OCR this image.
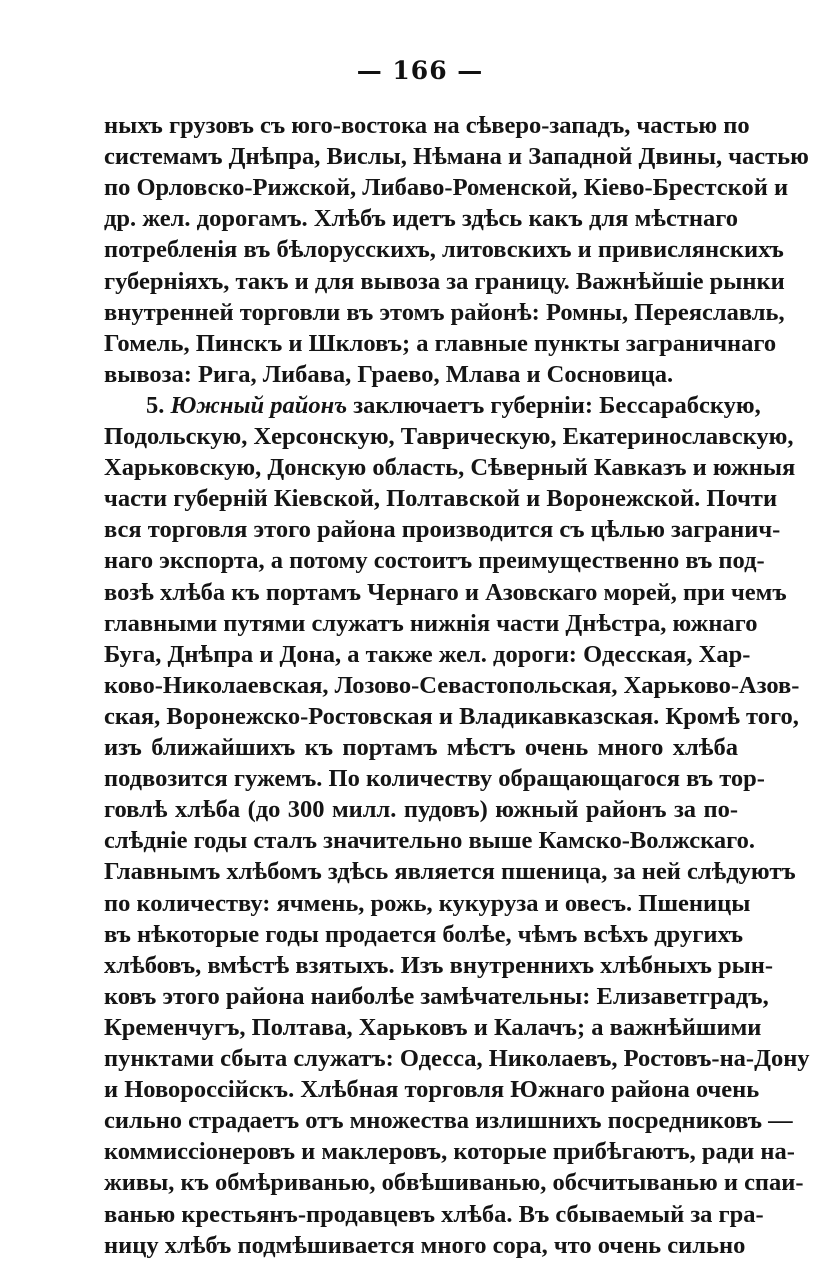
— 166 —
ныхъ грузовъ съ юго-востока на сѣверо-западъ, частью по
системамъ Днѣпра, Вислы, Нѣмана и Западной Двины, частью
по Орловско-Рижской, Либаво-Роменской, Кіево-Брестской и
др. жел. дорогамъ. Хлѣбъ идетъ здѣсь какъ для мѣстнаго
потребленія въ бѣлорусскихъ, литовскихъ и привислянскихъ
губерніяхъ, такъ и для вывоза за границу. Важнѣйшіе рынки
внутренней торговли въ этомъ районѣ: Ромны, Переяславль,
Гомель, Пинскъ и Шкловъ; а главные пункты заграничнаго
вывоза: Рига, Либава, Граево, Млава и Сосновица.
5. Южный районъ заключаетъ губерніи: Бессарабскую,
Подольскую, Херсонскую, Таврическую, Екатеринославскую,
Харьковскую, Донскую область, Сѣверный Кавказъ и южныя
части губерній Кіевской, Полтавской и Воронежской. Почти
вся торговля этого района производится съ цѣлью загранич-
наго экспорта, а потому состоитъ преимущественно въ под-
возѣ хлѣба къ портамъ Чернаго и Азовскаго морей, при чемъ
главными путями служатъ нижнія части Днѣстра, южнаго
Буга, Днѣпра и Дона, а также жел. дороги: Одесская, Хар-
ково-Николаевская, Лозово-Севастопольская, Харьково-Азов-
ская, Воронежско-Ростовская и Владикавказская. Кромѣ того,
изъ ближайшихъ къ портамъ мѣстъ очень много хлѣба
подвозится гужемъ. По количеству обращающагося въ тор-
говлѣ хлѣба (до 300 милл. пудовъ) южный районъ за по-
слѣдніе годы сталъ значительно выше Камско-Волжскаго.
Главнымъ хлѣбомъ здѣсь является пшеница, за ней слѣдуютъ
по количеству: ячмень, рожь, кукуруза и овесъ. Пшеницы
въ нѣкоторые годы продается болѣе, чѣмъ всѣхъ другихъ
хлѣбовъ, вмѣстѣ взятыхъ. Изъ внутреннихъ хлѣбныхъ рын-
ковъ этого района наиболѣе замѣчательны: Елизаветградъ,
Кременчугъ, Полтава, Харьковъ и Калачъ; а важнѣйшими
пунктами сбыта служатъ: Одесса, Николаевъ, Ростовъ-на-Дону
и Новороссійскъ. Хлѣбная торговля Южнаго района очень
сильно страдаетъ отъ множества излишнихъ посредниковъ —
коммиссіонеровъ и маклеровъ, которые прибѣгаютъ, ради на-
живы, къ обмѣриванью, обвѣшиванью, обсчитыванью и спаи-
ванью крестьянъ-продавцевъ хлѣба. Въ сбываемый за гра-
ницу хлѣбъ подмѣшивается много сора, что очень сильно
